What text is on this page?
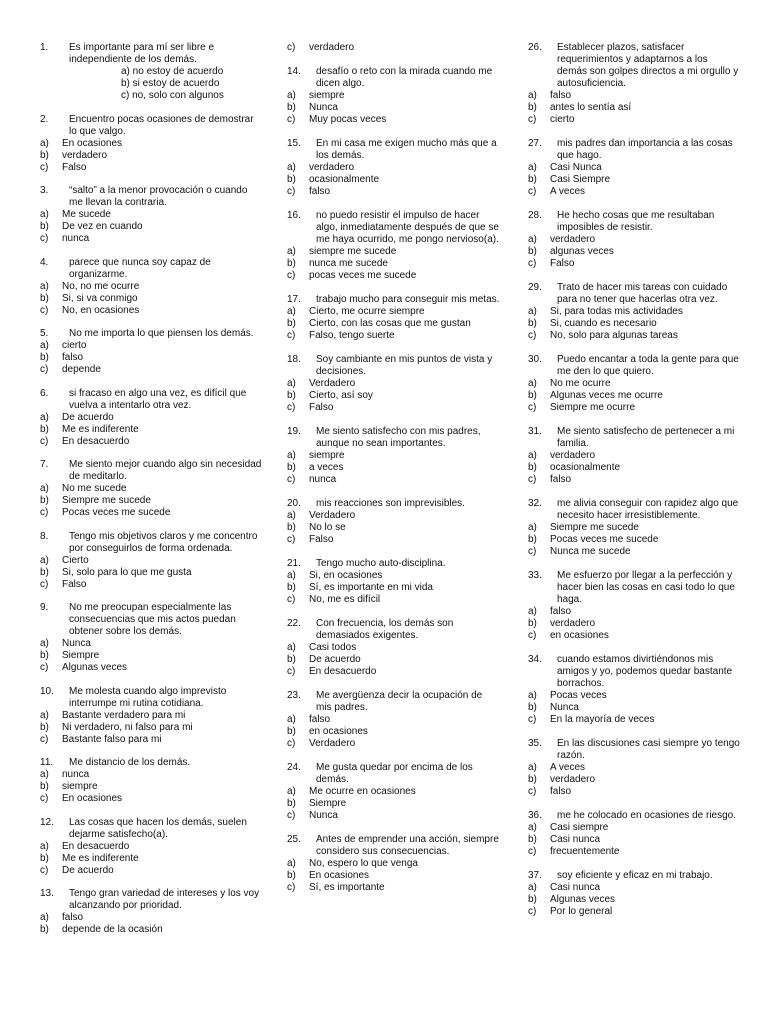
1.	Es importante para mí ser libre e independiente de los demás.
a) no estoy de acuerdo
b) si estoy de acuerdo
c) no, solo con algunos
2.	Encuentro pocas ocasiones de demostrar lo que valgo.
a)	En ocasiones
b)	verdadero
c)	Falso
3.	“salto” a la menor provocación o cuando me llevan la contraria.
a)	Me sucede
b)	De vez en cuando
c)	nunca
4.	parece que nunca soy capaz de organizarme.
a)	No, no me ocurre
b)	Si, si va conmigo
c)	No, en ocasiones
5.	No me importa lo que piensen los demás.
a)	cierto
b)	falso
c)	depende
6.	si fracaso en algo una vez, es difícil que vuelva a intentarlo otra vez.
a)	De acuerdo
b)	Me es indiferente
c)	En desacuerdo
7.	Me siento mejor cuando algo sin necesidad de meditarlo.
a)	No me sucede
b)	Siempre me sucede
c)	Pocas veces me sucede
8.	Tengo mis objetivos claros y me concentro por conseguirlos de forma ordenada.
a)	Cierto
b)	Si, solo para lo que me gusta
c)	Falso
9.	No me preocupan especialmente las consecuencias que mis actos puedan obtener sobre los demás.
a)	Nunca
b)	Siempre
c)	Algunas veces
10.	Me molesta cuando algo imprevisto interrumpe mi rutina cotidiana.
a)	Bastante verdadero para mi
b)	Ni verdadero, ni falso para mi
c)	Bastante falso para mi
11.	Me distancio de los demás.
a)	nunca
b)	siempre
c)	En ocasiones
12.	Las cosas que hacen los demás, suelen dejarme satisfecho(a).
a)	En desacuerdo
b)	Me es indiferente
c)	De acuerdo
13.	Tengo gran variedad de intereses y los voy alcanzando por prioridad.
a)	falso
b)	depende de la ocasión
c)	verdadero
14.	desafío o reto con la mirada cuando me dicen algo.
a)	siempre
b)	Nunca
c)	Muy pocas veces
15.	En mi casa me exigen mucho más que a los demás.
a)	verdadero
b)	ocasionalmente
c)	falso
16.	no puedo resistir el impulso de hacer algo, inmediatamente después de que se me haya ocurrido, me pongo nervioso(a).
a)	siempre me sucede
b)	nunca me sucede
c)	pocas veces me sucede
17.	trabajo mucho para conseguir mis metas.
a)	Cierto, me ocurre siempre
b)	Cierto, con las cosas que me gustan
c)	Falso, tengo suerte
18.	Soy cambiante en mis puntos de vista y decisiones.
a)	Verdadero
b)	Cierto, así soy
c)	Falso
19.	Me siento satisfecho con mis padres, aunque no sean importantes.
a)	siempre
b)	a veces
c)	nunca
20.	mis reacciones son imprevisibles.
a)	Verdadero
b)	No lo se
c)	Falso
21.	Tengo mucho auto-disciplina.
a)	Si, en ocasiones
b)	Sí, es importante en mi vida
c)	No, me es difícil
22.	Con frecuencia, los demás son demasiados exigentes.
a)	Casi todos
b)	De acuerdo
c)	En desacuerdo
23.	Me avergüenza decir la ocupación de mis padres.
a)	falso
b)	en ocasiones
c)	Verdadero
24.	Me gusta quedar por encima de los demás.
a)	Me ocurre en ocasiones
b)	Siempre
c)	Nunca
25.	Antes de emprender una acción, siempre considero sus consecuencias.
a)	No, espero lo que venga
b)	En ocasiones
c)	Sí, es importante
26.	Establecer plazos, satisfacer requerimientos y adaptarnos a los demás son golpes directos a mi orgullo y autosuficiencia.
a)	falso
b)	antes lo sentía así
c)	cierto
27.	mis padres dan importancia a las cosas que hago.
a)	Casi Nunca
b)	Casi Siempre
c)	A veces
28.	He hecho cosas que me resultaban imposibles de resistir.
a)	verdadero
b)	algunas veces
c)	Falso
29.	Trato de hacer mis tareas con cuidado para no tener que hacerlas otra vez.
a)	Si, para todas mis actividades
b)	Si, cuando es necesario
c)	No, solo para algunas tareas
30.	Puedo encantar a toda la gente para que me den lo que quiero.
a)	No me ocurre
b)	Algunas veces me ocurre
c)	Siempre me ocurre
31.	Me siento satisfecho de pertenecer a mi familia.
a)	verdadero
b)	ocasionalmente
c)	falso
32.	me alivia conseguir con rapidez algo que necesito hacer irresistiblemente.
a)	Siempre me sucede
b)	Pocas veces me sucede
c)	Nunca me sucede
33.	Me esfuerzo por llegar a la perfección y hacer bien las cosas en casi todo lo que haga.
a)	falso
b)	verdadero
c)	en ocasiones
34.	cuando estamos divirtiéndonos mis amigos y yo, podemos quedar bastante borrachos.
a)	Pocas veces
b)	Nunca
c)	En la mayoría de veces
35.	En las discusiones casi siempre yo tengo razón.
a)	A veces
b)	verdadero
c)	falso
36.	me he colocado en ocasiones de riesgo.
a)	Casi siempre
b)	Casi nunca
c)	frecuentemente
37.	soy eficiente y eficaz en mi trabajo.
a)	Casi nunca
b)	Algunas veces
c)	Por lo general
